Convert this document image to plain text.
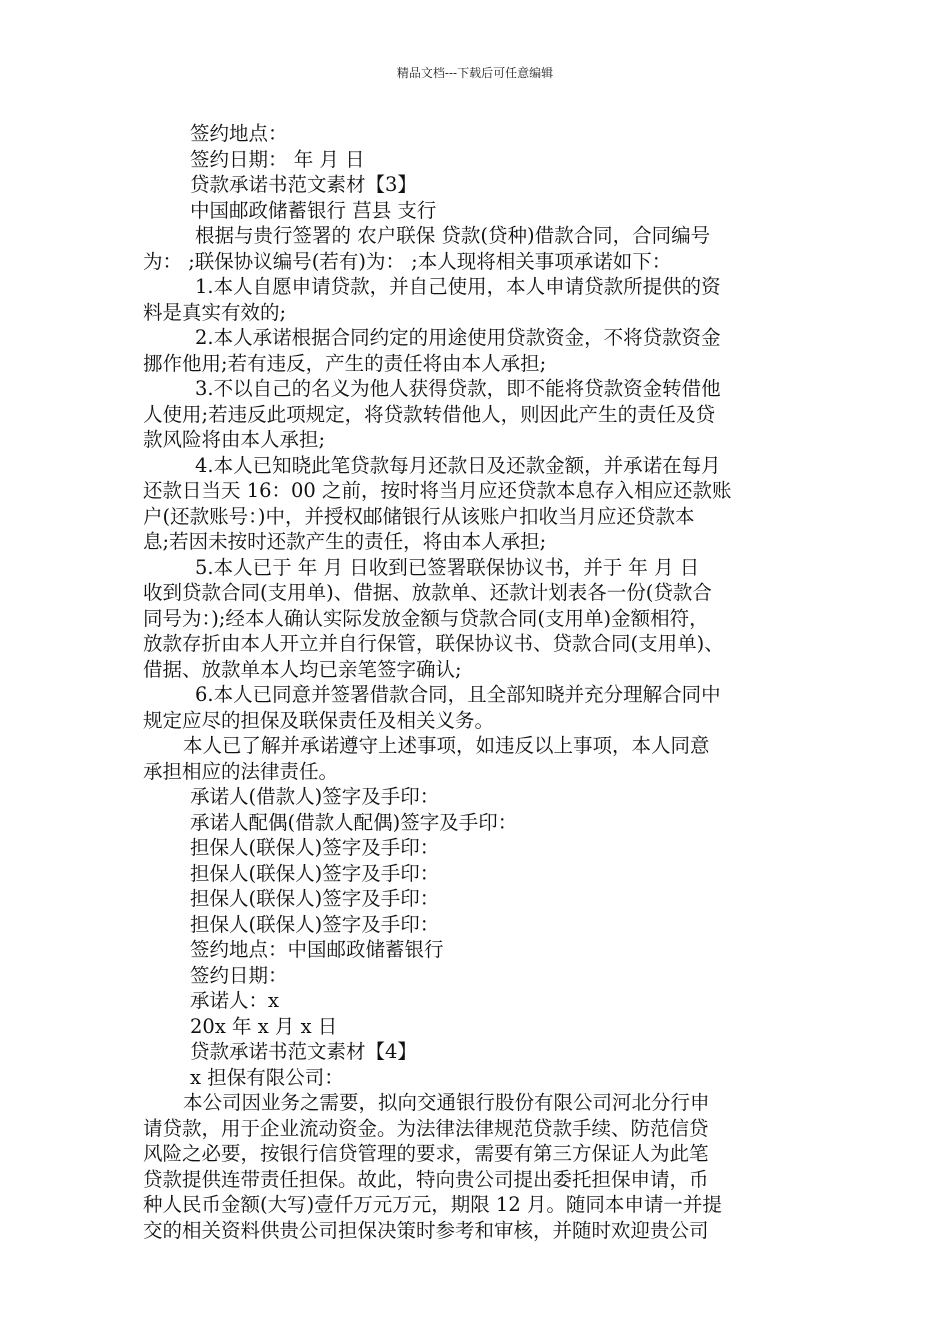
精品文档---下载后可任意编辑
签约地点：
签约日期： 年 月 日
贷款承诺书范文素材【3】
中国邮政储蓄银行 莒县 支行
根据与贵行签署的 农户联保 贷款(贷种)借款合同，合同编号
为： ;联保协议编号(若有)为： ;本人现将相关事项承诺如下：
1.本人自愿申请贷款，并自己使用，本人申请贷款所提供的资
料是真实有效的;
2.本人承诺根据合同约定的用途使用贷款资金，不将贷款资金
挪作他用;若有违反，产生的责任将由本人承担;
3.不以自己的名义为他人获得贷款，即不能将贷款资金转借他
人使用;若违反此项规定，将贷款转借他人，则因此产生的责任及贷
款风险将由本人承担;
4.本人已知晓此笔贷款每月还款日及还款金额，并承诺在每月
还款日当天 16：00 之前，按时将当月应还贷款本息存入相应还款账
户(还款账号：)中，并授权邮储银行从该账户扣收当月应还贷款本
息;若因未按时还款产生的责任，将由本人承担;
5.本人已于 年 月 日收到已签署联保协议书，并于 年 月 日
收到贷款合同(支用单)、借据、放款单、还款计划表各一份(贷款合
同号为：);经本人确认实际发放金额与贷款合同(支用单)金额相符，
放款存折由本人开立并自行保管，联保协议书、贷款合同(支用单)、
借据、放款单本人均已亲笔签字确认;
6.本人已同意并签署借款合同，且全部知晓并充分理解合同中
规定应尽的担保及联保责任及相关义务。
本人已了解并承诺遵守上述事项，如违反以上事项，本人同意
承担相应的法律责任。
承诺人(借款人)签字及手印：
承诺人配偶(借款人配偶)签字及手印：
担保人(联保人)签字及手印：
担保人(联保人)签字及手印：
担保人(联保人)签字及手印：
担保人(联保人)签字及手印：
签约地点：中国邮政储蓄银行
签约日期：
承诺人：x
20x 年 x 月 x 日
贷款承诺书范文素材【4】
x 担保有限公司：
本公司因业务之需要，拟向交通银行股份有限公司河北分行申
请贷款，用于企业流动资金。为法律法律规范贷款手续、防范信贷
风险之必要，按银行信贷管理的要求，需要有第三方保证人为此笔
贷款提供连带责任担保。故此，特向贵公司提出委托担保申请，币
种人民币金额(大写)壹仟万元万元，期限 12 月。随同本申请一并提
交的相关资料供贵公司担保决策时参考和审核，并随时欢迎贵公司
